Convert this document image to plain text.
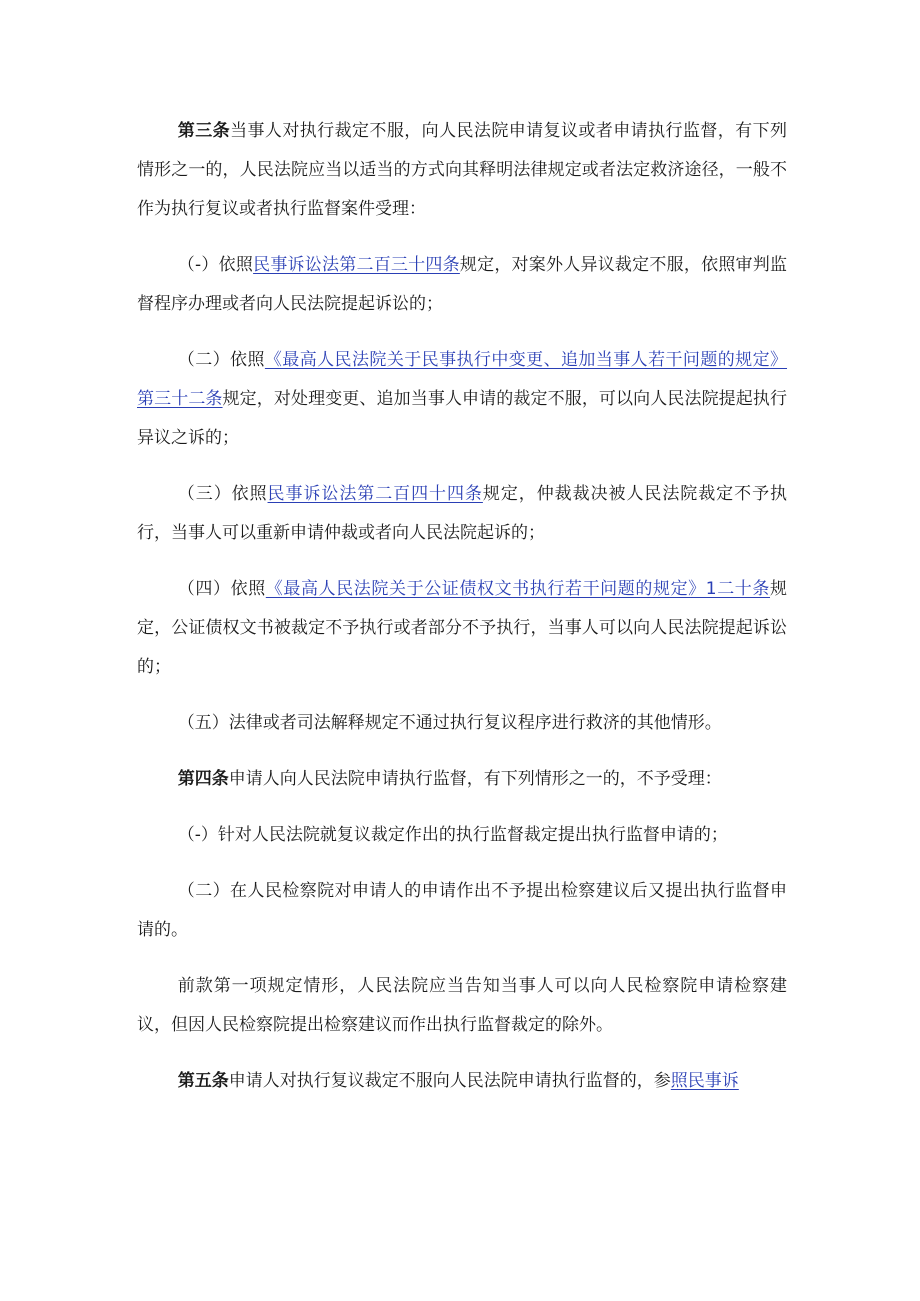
第三条当事人对执行裁定不服，向人民法院申请复议或者申请执行监督，有下列情形之一的，人民法院应当以适当的方式向其释明法律规定或者法定救济途径，一般不作为执行复议或者执行监督案件受理：

（-）依照民事诉讼法第二百三十四条规定，对案外人异议裁定不服，依照审判监督程序办理或者向人民法院提起诉讼的；

（二）依照《最高人民法院关于民事执行中变更、追加当事人若干问题的规定》第三十二条规定，对处理变更、追加当事人申请的裁定不服，可以向人民法院提起执行异议之诉的；

（三）依照民事诉讼法第二百四十四条规定，仲裁裁决被人民法院裁定不予执行，当事人可以重新申请仲裁或者向人民法院起诉的；

（四）依照《最高人民法院关于公证债权文书执行若干问题的规定》1二十条规定，公证债权文书被裁定不予执行或者部分不予执行，当事人可以向人民法院提起诉讼的；

（五）法律或者司法解释规定不通过执行复议程序进行救济的其他情形。

第四条申请人向人民法院申请执行监督，有下列情形之一的，不予受理：

（-）针对人民法院就复议裁定作出的执行监督裁定提出执行监督申请的；

（二）在人民检察院对申请人的申请作出不予提出检察建议后又提出执行监督申请的。

前款第一项规定情形，人民法院应当告知当事人可以向人民检察院申请检察建议，但因人民检察院提出检察建议而作出执行监督裁定的除外。

第五条申请人对执行复议裁定不服向人民法院申请执行监督的，参照民事诉
